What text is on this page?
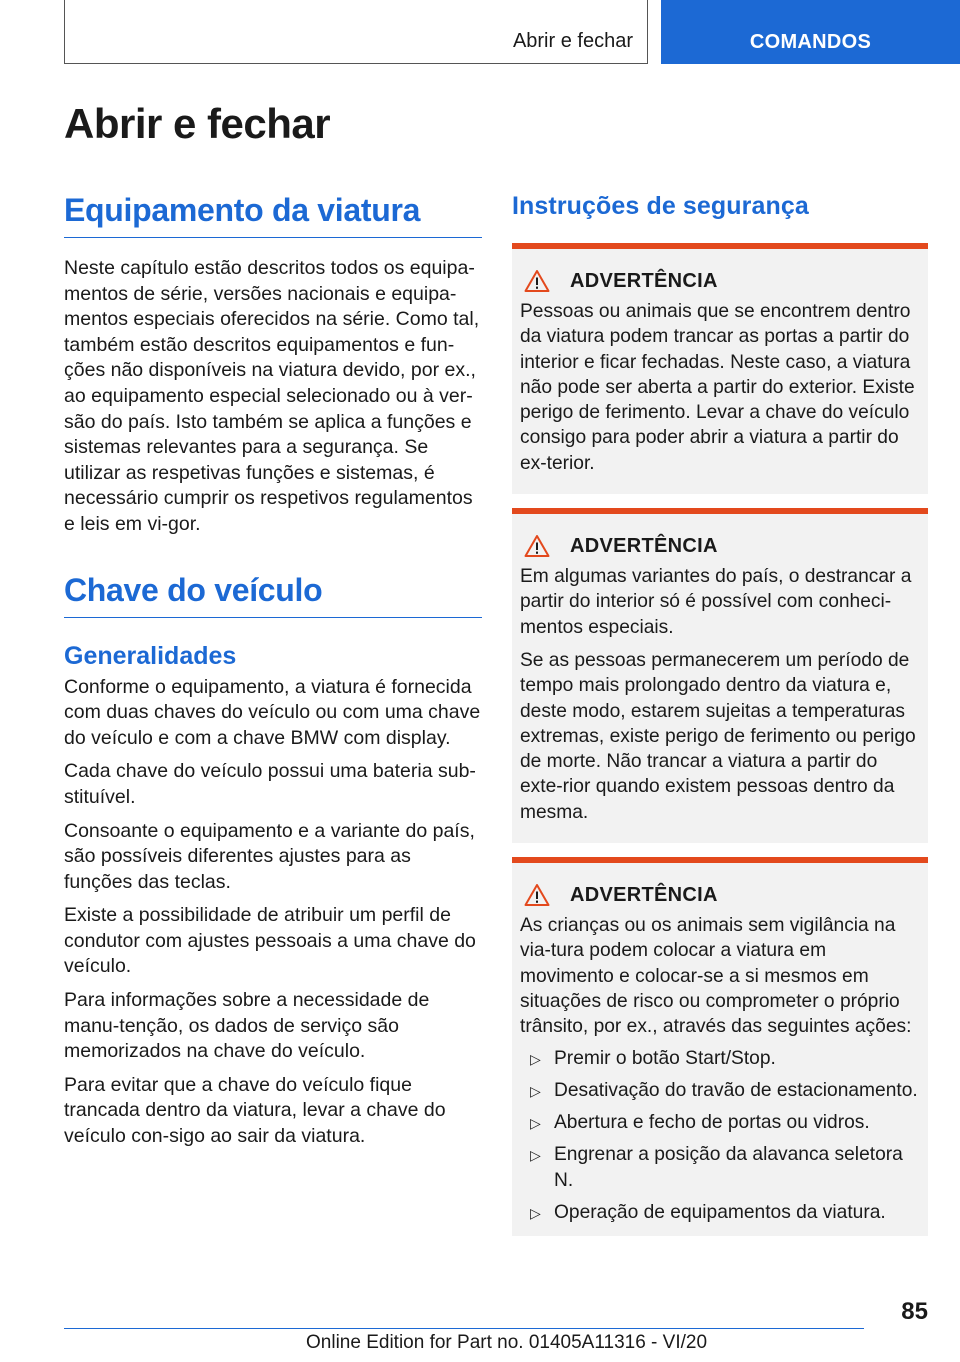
Abrir e fechar	COMANDOS
Abrir e fechar
Equipamento da viatura

Neste capítulo estão descritos todos os equipa-mentos de série, versões nacionais e equipa-mentos especiais oferecidos na série. Como tal, também estão descritos equipamentos e fun-ções não disponíveis na viatura devido, por ex., ao equipamento especial selecionado ou à ver-são do país. Isto também se aplica a funções e sistemas relevantes para a segurança. Se utilizar as respetivas funções e sistemas, é necessário cumprir os respetivos regulamentos e leis em vi-gor.

Chave do veículo
Generalidades

Conforme o equipamento, a viatura é fornecida com duas chaves do veículo ou com uma chave do veículo e com a chave BMW com display.

Cada chave do veículo possui uma bateria sub-stituível.

Consoante o equipamento e a variante do país, são possíveis diferentes ajustes para as funções das teclas.

Existe a possibilidade de atribuir um perfil de condutor com ajustes pessoais a uma chave do veículo.

Para informações sobre a necessidade de manu-tenção, os dados de serviço são memorizados na chave do veículo.

Para evitar que a chave do veículo fique trancada dentro da viatura, levar a chave do veículo con-sigo ao sair da viatura.

Instruções de segurança
ADVERTÊNCIA

Pessoas ou animais que se encontrem dentro da viatura podem trancar as portas a partir do interior e ficar fechadas. Neste caso, a viatura não pode ser aberta a partir do exterior. Existe perigo de ferimento. Levar a chave do veículo consigo para poder abrir a viatura a partir do ex-terior.

ADVERTÊNCIA

Em algumas variantes do país, o destrancar a partir do interior só é possível com conheci-mentos especiais.

Se as pessoas permanecerem um período de tempo mais prolongado dentro da viatura e, deste modo, estarem sujeitas a temperaturas extremas, existe perigo de ferimento ou perigo de morte. Não trancar a viatura a partir do exte-rior quando existem pessoas dentro da mesma.

ADVERTÊNCIA

As crianças ou os animais sem vigilância na via-tura podem colocar a viatura em movimento e colocar-se a si mesmos em situações de risco ou comprometer o próprio trânsito, por ex., através das seguintes ações:

▷ Premir o botão Start/Stop.
▷ Desativação do travão de estacionamento.
▷ Abertura e fecho de portas ou vidros.
▷ Engrenar a posição da alavanca seletora N.
▷ Operação de equipamentos da viatura.
85
Online Edition for Part no. 01405A11316 - VI/20
